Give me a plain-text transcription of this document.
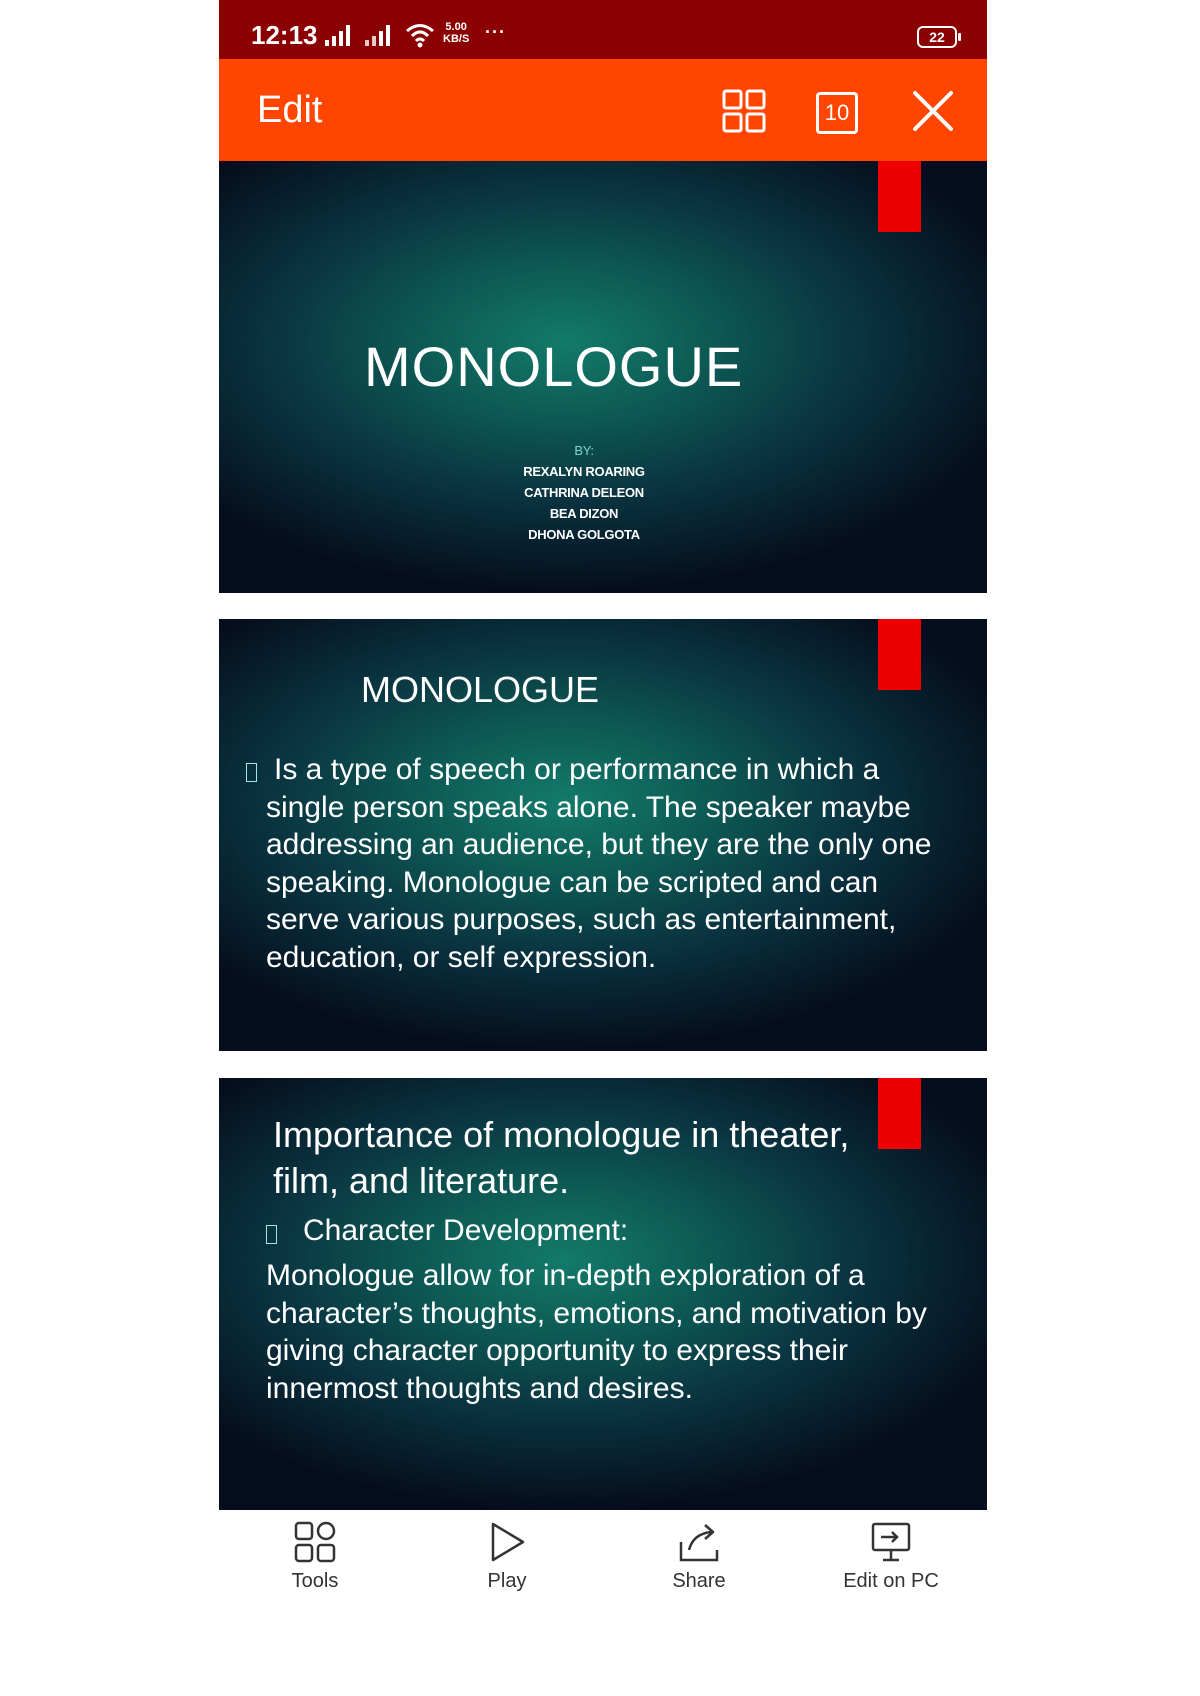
12:13	5.00
KB/S ···	22
Edit	10
MONOLOGUE
BY:
REXALYN ROARING
CATHRINA DELEON
BEA DIZON
DHONA GOLGOTA
MONOLOGUE
Is a type of speech or performance in which a single person speaks alone. The speaker maybe addressing an audience, but they are the only one speaking. Monologue can be scripted and can serve various purposes, such as entertainment, education, or self expression.
Importance of monologue in theater, film, and literature.
Character Development:
Monologue allow for in-depth exploration of a character’s thoughts, emotions, and motivation by giving character opportunity to express their innermost thoughts and desires.
Tools	Play	Share	Edit on PC
